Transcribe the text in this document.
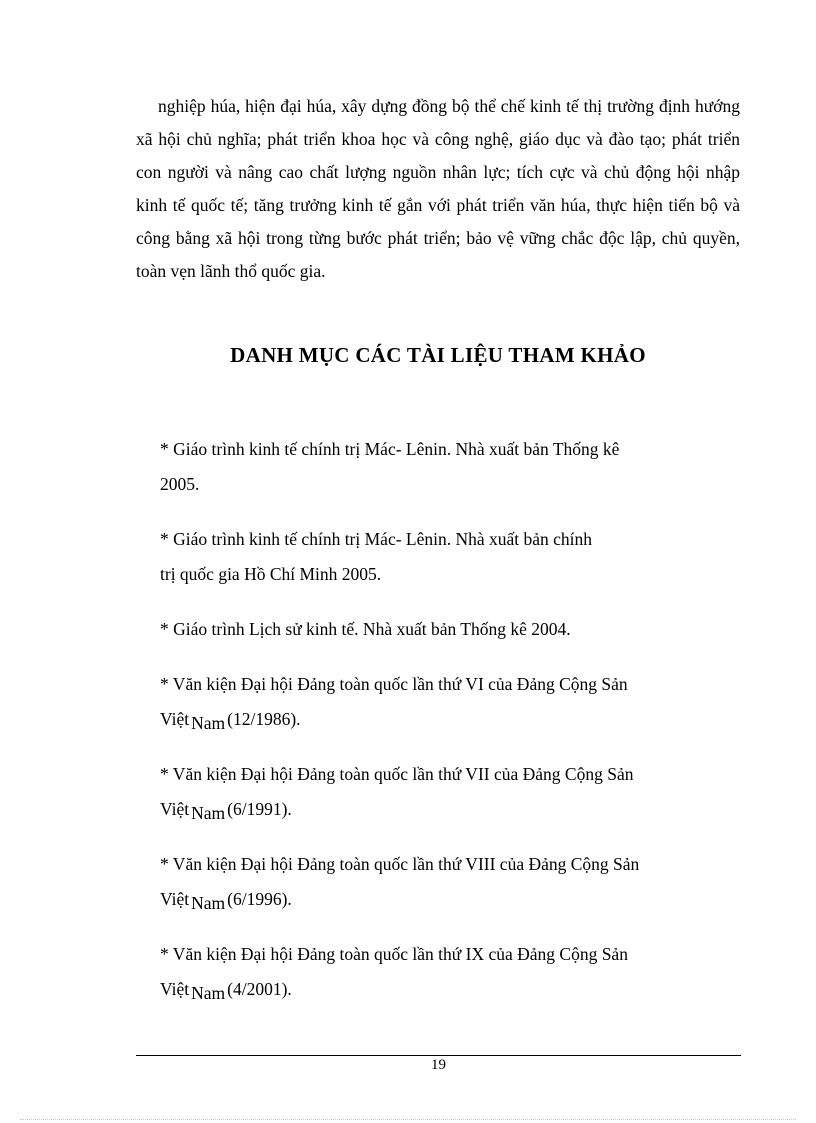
nghiệp húa, hiện đại húa, xây dựng đồng bộ thể chế kinh tế thị trường định hướng xã hội chủ nghĩa; phát triển khoa học và công nghệ, giáo dục và đào tạo; phát triển con người và nâng cao chất lượng nguồn nhân lực; tích cực và chủ động hội nhập kinh tế quốc tế; tăng trưởng kinh tế gắn với phát triển văn húa, thực hiện tiến bộ và công bằng xã hội trong từng bước phát triển; bảo vệ vững chắc độc lập, chủ quyền, toàn vẹn lãnh thổ quốc gia.

DANH MỤC CÁC TÀI LIỆU THAM KHẢO
* Giáo trình kinh tế chính trị Mác- Lênin. Nhà xuất bản Thống kê
2005.
* Giáo trình kinh tế chính trị Mác- Lênin. Nhà xuất bản chính
trị quốc gia Hồ Chí Minh 2005.
* Giáo trình Lịch sử kinh tế. Nhà xuất bản Thống kê 2004.
* Văn kiện Đại hội Đảng toàn quốc lần thứ VI của Đảng Cộng Sản
Việt Nam (12/1986).
* Văn kiện Đại hội Đảng toàn quốc lần thứ VII của Đảng Cộng Sản
Việt Nam (6/1991).
* Văn kiện Đại hội Đảng toàn quốc lần thứ VIII của Đảng Cộng Sản
Việt Nam (6/1996).
* Văn kiện Đại hội Đảng toàn quốc lần thứ IX của Đảng Cộng Sản
Việt Nam (4/2001).
19
